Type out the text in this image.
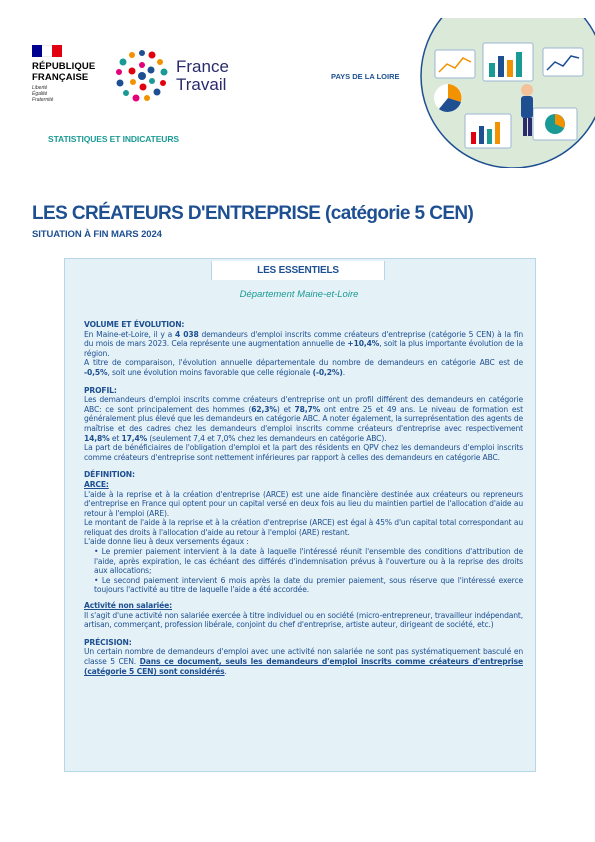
RÉPUBLIQUE
FRANÇAISE
Liberté
Égalité
Fraternité
France
Travail	PAYS DE LA LOIRE
STATISTIQUES ET INDICATEURS
LES CRÉATEURS D'ENTREPRISE (catégorie 5 CEN)
SITUATION À FIN MARS 2024
LES ESSENTIELS
Département Maine-et-Loire

VOLUME ET ÉVOLUTION:

En Maine-et-Loire, il y a 4 038 demandeurs d'emploi inscrits comme créateurs d'entreprise (catégorie 5 CEN) à la fin du mois de mars 2023. Cela représente une augmentation annuelle de +10,4%, soit la plus importante évolution de la région.

A titre de comparaison, l'évolution annuelle départementale du nombre de demandeurs en catégorie ABC est de -0,5%, soit une évolution moins favorable que celle régionale (-0,2%).

PROFIL:

Les demandeurs d'emploi inscrits comme créateurs d'entreprise ont un profil différent des demandeurs en catégorie ABC: ce sont principalement des hommes (62,3%) et 78,7% ont entre 25 et 49 ans. Le niveau de formation est généralement plus élevé que les demandeurs en catégorie ABC. A noter également, la surreprésentation des agents de maîtrise et des cadres chez les demandeurs d'emploi inscrits comme créateurs d'entreprise avec respectivement 14,8% et 17,4% (seulement 7,4 et 7,0% chez les demandeurs en catégorie ABC).

La part de bénéficiaires de l'obligation d'emploi et la part des résidents en QPV chez les demandeurs d'emploi inscrits comme créateurs d'entreprise sont nettement inférieures par rapport à celles des demandeurs en catégorie ABC.

DÉFINITION:

ARCE:

L'aide à la reprise et à la création d'entreprise (ARCE) est une aide financière destinée aux créateurs ou repreneurs d'entreprise en France qui optent pour un capital versé en deux fois au lieu du maintien partiel de l'allocation d'aide au retour à l'emploi (ARE).

Le montant de l'aide à la reprise et à la création d'entreprise (ARCE) est égal à 45% d'un capital total correspondant au reliquat des droits à l'allocation d'aide au retour à l'emploi (ARE) restant.

L'aide donne lieu à deux versements égaux :

• Le premier paiement intervient à la date à laquelle l'intéressé réunit l'ensemble des conditions d'attribution de l'aide, après expiration, le cas échéant des différés d'indemnisation prévus à l'ouverture ou à la reprise des droits aux allocations;

• Le second paiement intervient 6 mois après la date du premier paiement, sous réserve que l'intéressé exerce toujours l'activité au titre de laquelle l'aide a été accordée.

Activité non salariée:

Il s'agit d'une activité non salariée exercée à titre individuel ou en société (micro-entrepreneur, travailleur indépendant, artisan, commerçant, profession libérale, conjoint du chef d'entreprise, artiste auteur, dirigeant de société, etc.)

PRÉCISION:

Un certain nombre de demandeurs d'emploi avec une activité non salariée ne sont pas systématiquement basculé en classe 5 CEN. Dans ce document, seuls les demandeurs d'emploi inscrits comme créateurs d'entreprise (catégorie 5 CEN) sont considérés.
